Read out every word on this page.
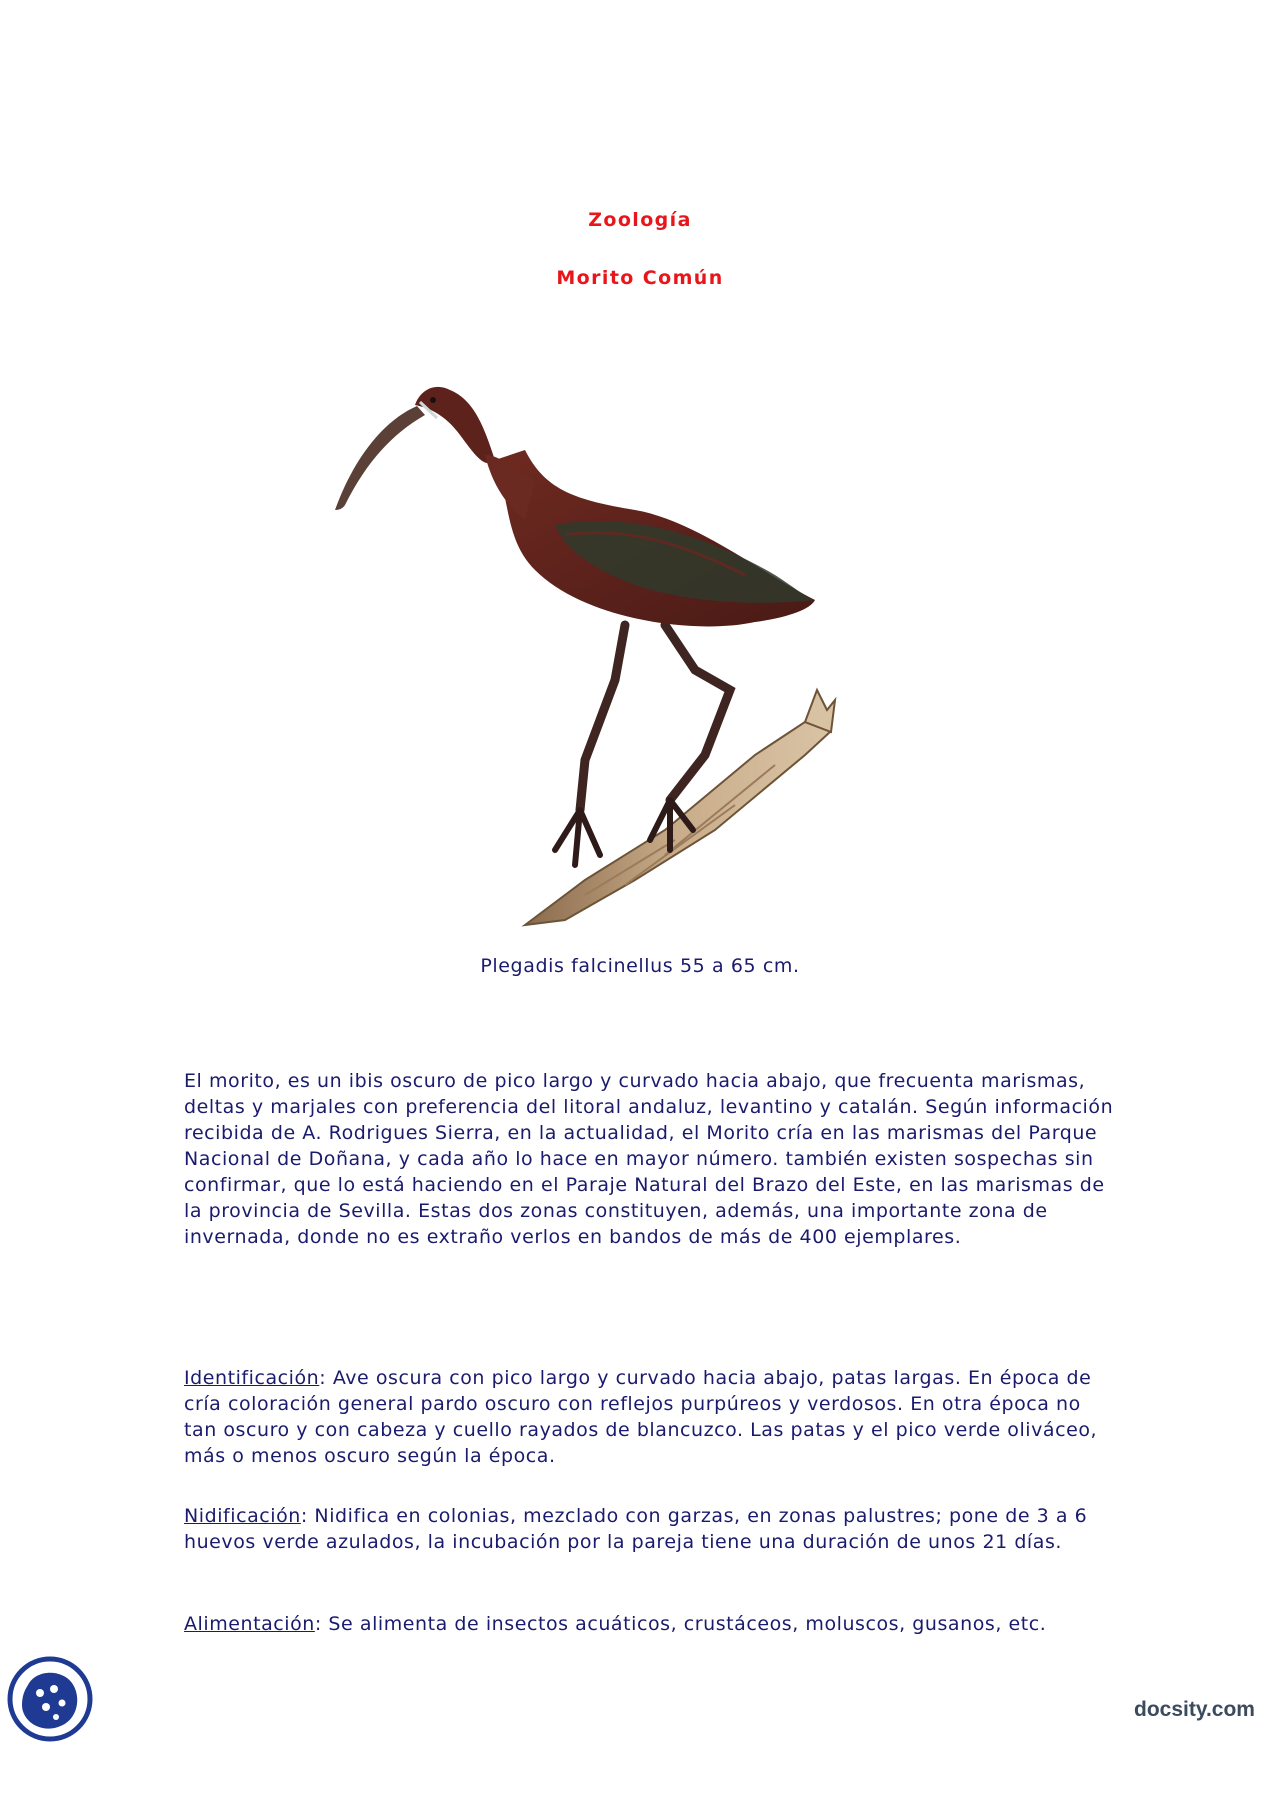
Zoología
Morito Común
Plegadis falcinellus 55 a 65 cm.

El morito, es un ibis oscuro de pico largo y curvado hacia abajo, que frecuenta marismas, deltas y marjales con preferencia del litoral andaluz, levantino y catalán. Según información recibida de A. Rodrigues Sierra, en la actualidad, el Morito cría en las marismas del Parque Nacional de Doñana, y cada año lo hace en mayor número. también existen sospechas sin confirmar, que lo está haciendo en el Paraje Natural del Brazo del Este, en las marismas de la provincia de Sevilla. Estas dos zonas constituyen, además, una importante zona de invernada, donde no es extraño verlos en bandos de más de 400 ejemplares.

Identificación: Ave oscura con pico largo y curvado hacia abajo, patas largas. En época de cría coloración general pardo oscuro con reflejos purpúreos y verdosos. En otra época no tan oscuro y con cabeza y cuello rayados de blancuzco. Las patas y el pico verde oliváceo, más o menos oscuro según la época.

Nidificación: Nidifica en colonias, mezclado con garzas, en zonas palustres; pone de 3 a 6 huevos verde azulados, la incubación por la pareja tiene una duración de unos 21 días.

Alimentación: Se alimenta de insectos acuáticos, crustáceos, moluscos, gusanos, etc.

docsity.com
